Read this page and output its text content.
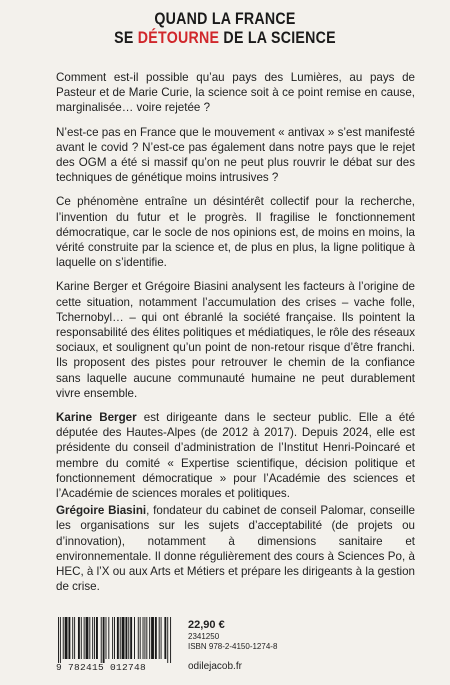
QUAND LA FRANCE
SE DÉTOURNE DE LA SCIENCE

Comment est-il possible qu’au pays des Lumières, au pays de Pasteur et de Marie Curie, la science soit à ce point remise en cause, marginalisée… voire rejetée ?

N’est-ce pas en France que le mouvement « antivax » s’est manifesté avant le covid ? N’est-ce pas également dans notre pays que le rejet des OGM a été si massif qu’on ne peut plus rouvrir le débat sur des techniques de génétique moins intrusives ?

Ce phénomène entraîne un désintérêt collectif pour la recherche, l’invention du futur et le progrès. Il fragilise le fonctionnement démocratique, car le socle de nos opinions est, de moins en moins, la vérité construite par la science et, de plus en plus, la ligne politique à laquelle on s’identifie.

Karine Berger et Grégoire Biasini analysent les facteurs à l’origine de cette situation, notamment l’accumulation des crises – vache folle, Tchernobyl… – qui ont ébranlé la société française. Ils pointent la responsabilité des élites politiques et médiatiques, le rôle des réseaux sociaux, et soulignent qu’un point de non-retour risque d’être franchi. Ils proposent des pistes pour retrouver le chemin de la confiance sans laquelle aucune communauté humaine ne peut durablement vivre ensemble.

Karine Berger est dirigeante dans le secteur public. Elle a été députée des Hautes-Alpes (de 2012 à 2017). Depuis 2024, elle est présidente du conseil d’administration de l’Institut Henri-Poincaré et membre du comité « Expertise scientifique, décision politique et fonctionnement démocratique » pour l’Académie des sciences et l’Académie de sciences morales et politiques.

Grégoire Biasini, fondateur du cabinet de conseil Palomar, conseille les organisations sur les sujets d’acceptabilité (de projets ou d’innovation), notamment à dimensions sanitaire et environnementale. Il donne régulièrement des cours à Sciences Po, à HEC, à l’X ou aux Arts et Métiers et prépare les dirigeants à la gestion de crise.

9 782415 012748
22,90 €
2341250
ISBN 978-2-4150-1274-8
odilejacob.fr
